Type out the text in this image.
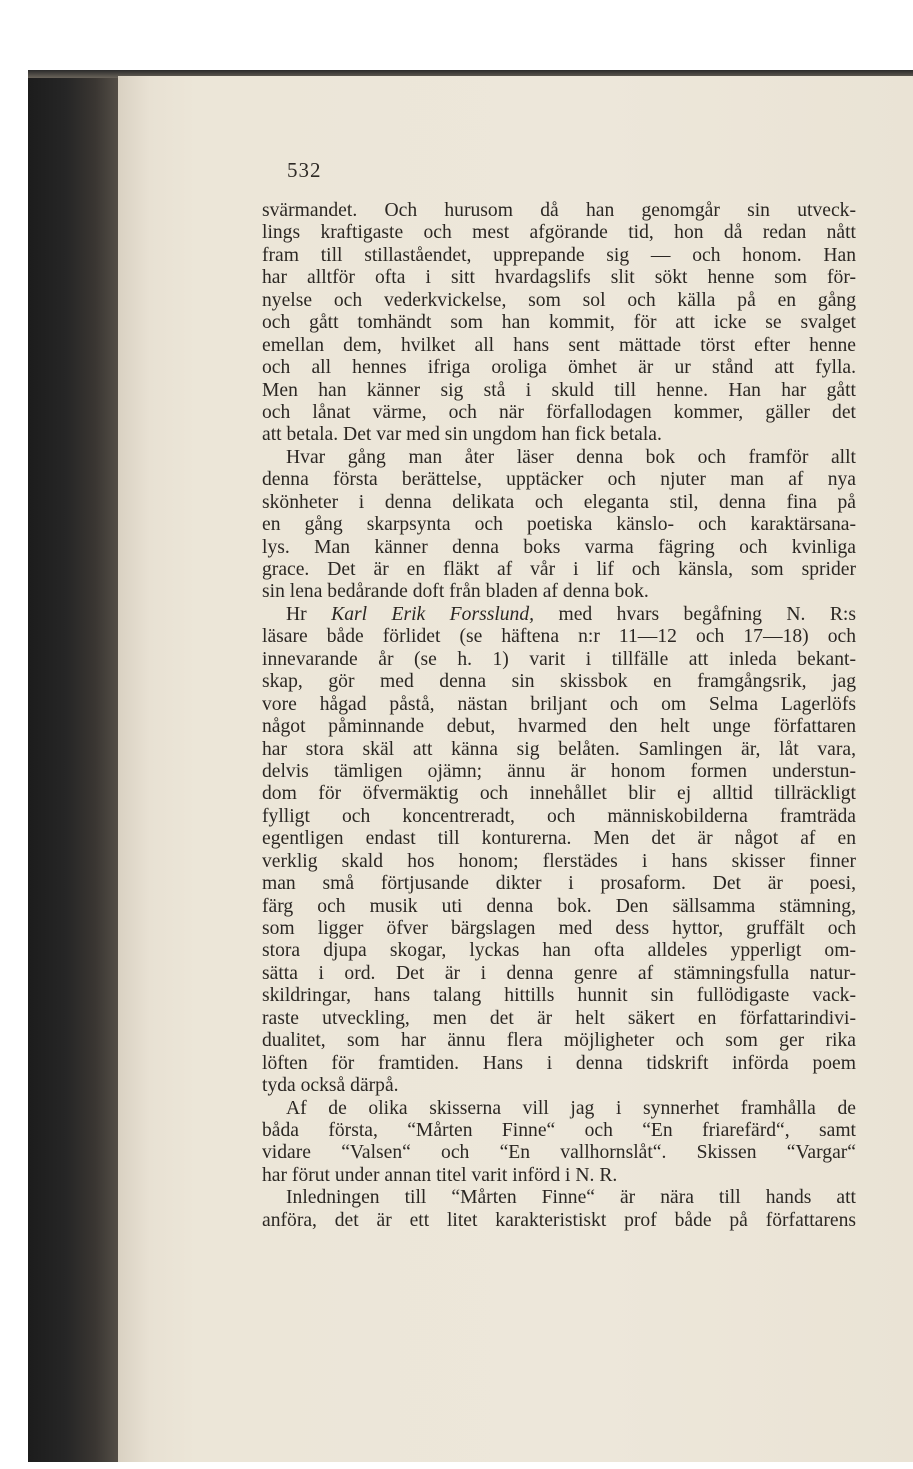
532
svärmandet. Och hurusom då han genomgår sin utveck-
lings kraftigaste och mest afgörande tid, hon då redan nått
fram till stillaståendet, upprepande sig — och honom. Han
har alltför ofta i sitt hvardagslifs slit sökt henne som för-
nyelse och vederkvickelse, som sol och källa på en gång
och gått tomhändt som han kommit, för att icke se svalget
emellan dem, hvilket all hans sent mättade törst efter henne
och all hennes ifriga oroliga ömhet är ur stånd att fylla.
Men han känner sig stå i skuld till henne. Han har gått
och lånat värme, och när förfallodagen kommer, gäller det
att betala. Det var med sin ungdom han fick betala.
Hvar gång man åter läser denna bok och framför allt
denna första berättelse, upptäcker och njuter man af nya
skönheter i denna delikata och eleganta stil, denna fina på
en gång skarpsynta och poetiska känslo- och karaktärsana-
lys. Man känner denna boks varma fägring och kvinliga
grace. Det är en fläkt af vår i lif och känsla, som sprider
sin lena bedårande doft från bladen af denna bok.
Hr Karl Erik Forsslund, med hvars begåfning N. R:s
läsare både förlidet (se häftena n:r 11—12 och 17—18) och
innevarande år (se h. 1) varit i tillfälle att inleda bekant-
skap, gör med denna sin skissbok en framgångsrik, jag
vore hågad påstå, nästan briljant och om Selma Lagerlöfs
något påminnande debut, hvarmed den helt unge författaren
har stora skäl att känna sig belåten. Samlingen är, låt vara,
delvis tämligen ojämn; ännu är honom formen understun-
dom för öfvermäktig och innehållet blir ej alltid tillräckligt
fylligt och koncentreradt, och människobilderna framträda
egentligen endast till konturerna. Men det är något af en
verklig skald hos honom; flerstädes i hans skisser finner
man små förtjusande dikter i prosaform. Det är poesi,
färg och musik uti denna bok. Den sällsamma stämning,
som ligger öfver bärgslagen med dess hyttor, gruffält och
stora djupa skogar, lyckas han ofta alldeles ypperligt om-
sätta i ord. Det är i denna genre af stämningsfulla natur-
skildringar, hans talang hittills hunnit sin fullödigaste vack-
raste utveckling, men det är helt säkert en författarindivi-
dualitet, som har ännu flera möjligheter och som ger rika
löften för framtiden. Hans i denna tidskrift införda poem
tyda också därpå.
Af de olika skisserna vill jag i synnerhet framhålla de
båda första, “Mårten Finne“ och “En friarefärd“, samt
vidare “Valsen“ och “En vallhornslåt“. Skissen “Vargar“
har förut under annan titel varit införd i N. R.
Inledningen till “Mårten Finne“ är nära till hands att
anföra, det är ett litet karakteristiskt prof både på författarens
